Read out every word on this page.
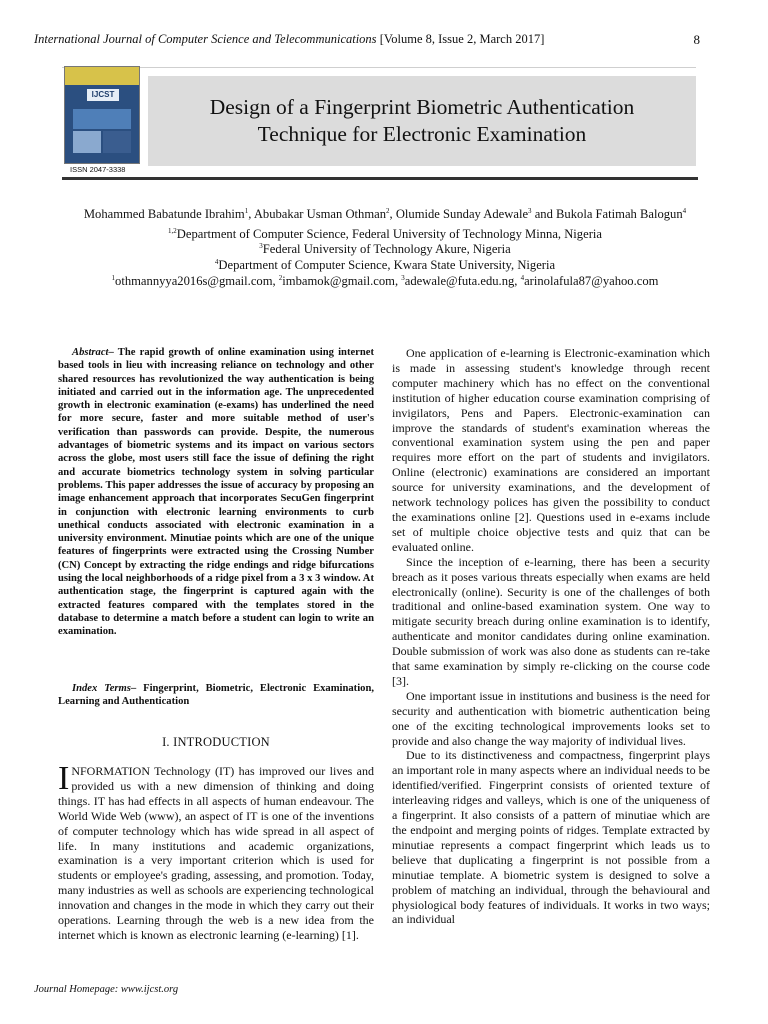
International Journal of Computer Science and Telecommunications [Volume 8, Issue 2, March 2017]	8
IJCST
Design of a Fingerprint Biometric Authentication
Technique for Electronic Examination
ISSN 2047-3338
Mohammed Babatunde Ibrahim$^1$, Abubakar Usman Othman$^2$, Olumide Sunday Adewale$^3$ and Bukola Fatimah Balogun$^4$
$^{1,2}$Department of Computer Science, Federal University of Technology Minna, Nigeria
$^3$Federal University of Technology Akure, Nigeria
$^4$Department of Computer Science, Kwara State University, Nigeria
$^1$othmannyya2016s@gmail.com, $^2$imbamok@gmail.com, $^3$adewale@futa.edu.ng, $^4$arinolafula87@yahoo.com
Abstract– The rapid growth of online examination using internet based tools in lieu with increasing reliance on technology and other shared resources has revolutionized the way authentication is being initiated and carried out in the information age. The unprecedented growth in electronic examination (e-exams) has underlined the need for more secure, faster and more suitable method of user's verification than passwords can provide. Despite, the numerous advantages of biometric systems and its impact on various sectors across the globe, most users still face the issue of defining the right and accurate biometrics technology system in solving particular problems. This paper addresses the issue of accuracy by proposing an image enhancement approach that incorporates SecuGen fingerprint in conjunction with electronic learning environments to curb unethical conducts associated with electronic examination in a university environment. Minutiae points which are one of the unique features of fingerprints were extracted using the Crossing Number (CN) Concept by extracting the ridge endings and ridge bifurcations using the local neighborhoods of a ridge pixel from a 3 x 3 window. At authentication stage, the fingerprint is captured again with the extracted features compared with the templates stored in the database to determine a match before a student can login to write an examination.
Index Terms– Fingerprint, Biometric, Electronic Examination, Learning and Authentication
I. INTRODUCTION
INFORMATION Technology (IT) has improved our lives and provided us with a new dimension of thinking and doing things. IT has had effects in all aspects of human endeavour. The World Wide Web (www), an aspect of IT is one of the inventions of computer technology which has wide spread in all aspect of life. In many institutions and academic organizations, examination is a very important criterion which is used for students or employee's grading, assessing, and promotion. Today, many industries as well as schools are experiencing technological innovation and changes in the mode in which they carry out their operations. Learning through the web is a new idea from the internet which is known as electronic learning (e-learning) [1].

One application of e-learning is Electronic-examination which is made in assessing student's knowledge through recent computer machinery which has no effect on the conventional institution of higher education course examination comprising of invigilators, Pens and Papers. Electronic-examination can improve the standards of student's examination whereas the conventional examination system using the pen and paper requires more effort on the part of students and invigilators. Online (electronic) examinations are considered an important source for university examinations, and the development of network technology polices has given the possibility to conduct the examinations online [2]. Questions used in e-exams include set of multiple choice objective tests and quiz that can be evaluated online.

Since the inception of e-learning, there has been a security breach as it poses various threats especially when exams are held electronically (online). Security is one of the challenges of both traditional and online-based examination system. One way to mitigate security breach during online examination is to identify, authenticate and monitor candidates during online examination. Double submission of work was also done as students can re-take that same examination by simply re-clicking on the course code [3].

One important issue in institutions and business is the need for security and authentication with biometric authentication being one of the exciting technological improvements looks set to provide and also change the way majority of individual lives.

Due to its distinctiveness and compactness, fingerprint plays an important role in many aspects where an individual needs to be identified/verified. Fingerprint consists of oriented texture of interleaving ridges and valleys, which is one of the uniqueness of a fingerprint. It also consists of a pattern of minutiae which are the endpoint and merging points of ridges. Template extracted by minutiae represents a compact fingerprint which leads us to believe that duplicating a fingerprint is not possible from a minutiae template. A biometric system is designed to solve a problem of matching an individual, through the behavioural and physiological body features of individuals. It works in two ways; an individual

Journal Homepage: www.ijcst.org
